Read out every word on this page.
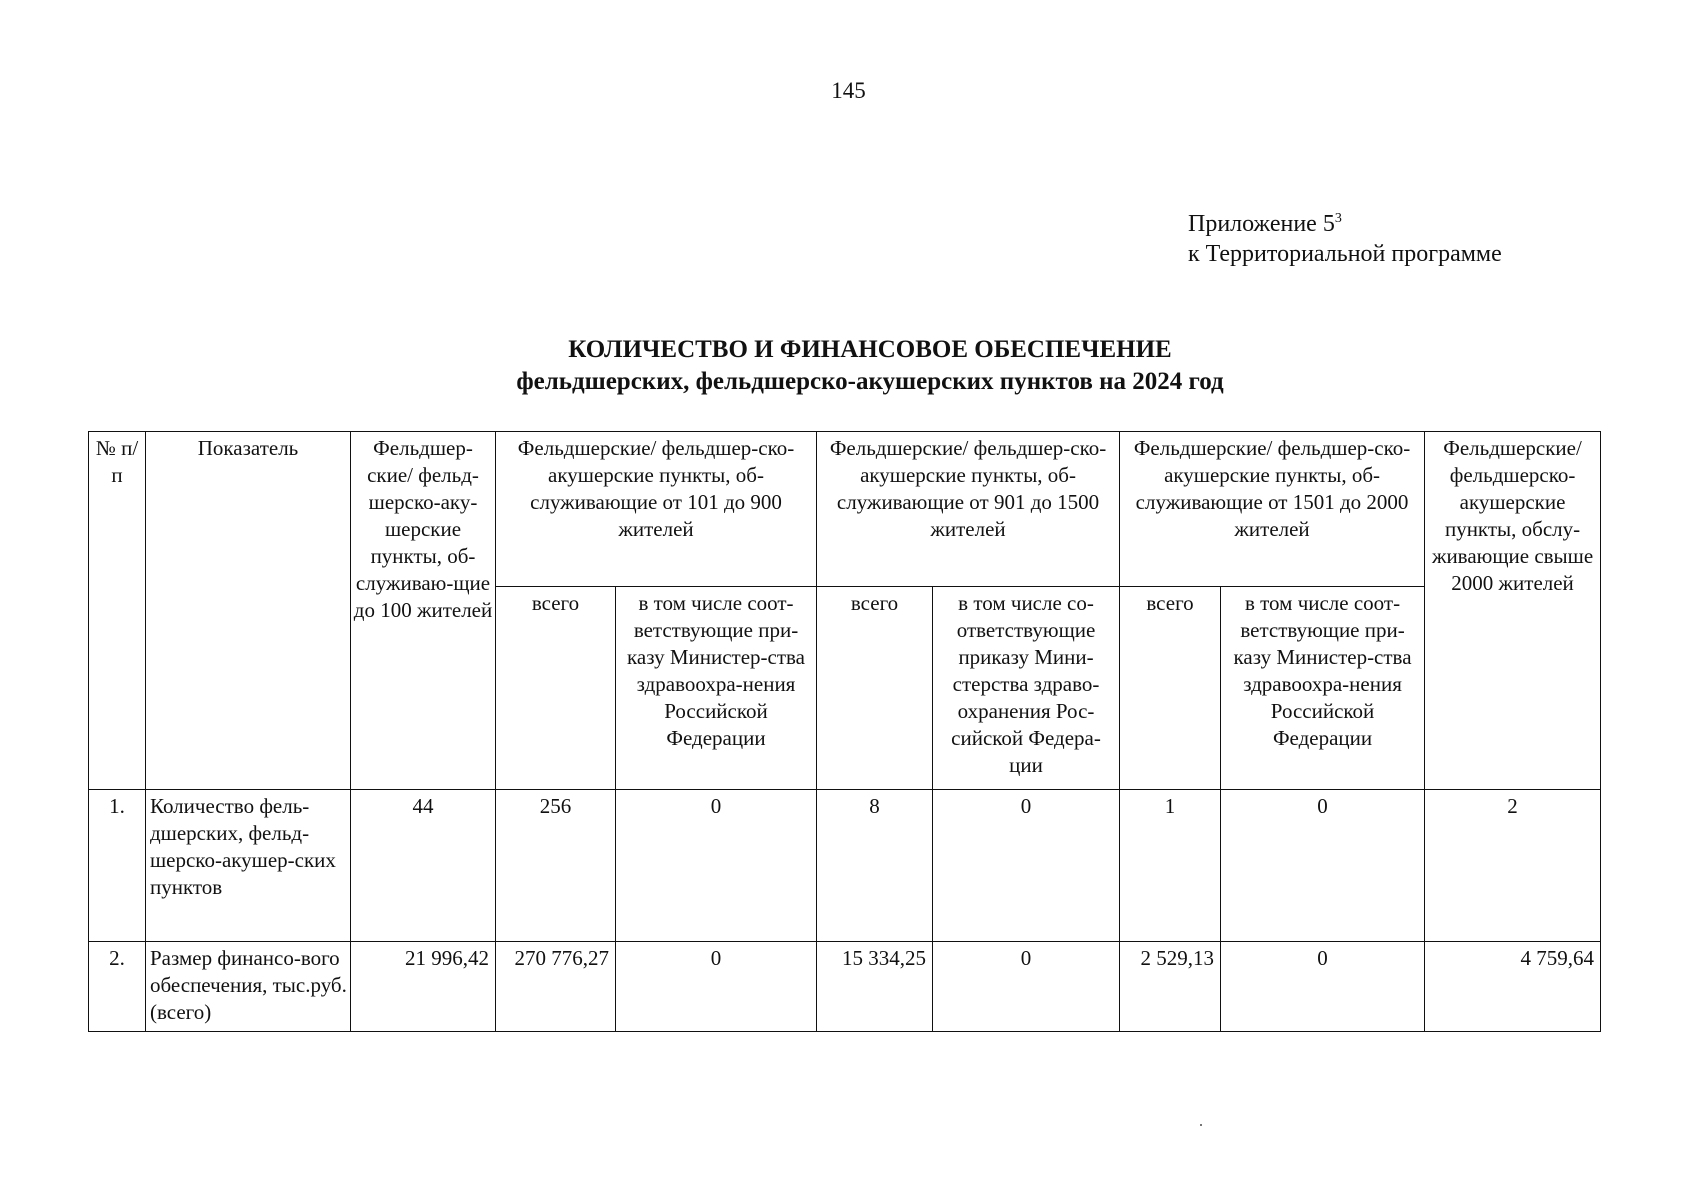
145
Приложение $5^3$
к Территориальной программе
КОЛИЧЕСТВО И ФИНАНСОВОЕ ОБЕСПЕЧЕНИЕ
фельдшерских, фельдшерско-акушерских пунктов на 2024 год
№ п/п	Показатель	Фельдшер-ские/ фельд-шерско-аку-шерские пункты, об-служиваю-щие до 100 жителей	Фельдшерские/ фельдшер-ско-акушерские пункты, об-служивающие от 101 до 900 жителей		Фельдшерские/ фельдшер-ско-акушерские пункты, об-служивающие от 901 до 1500 жителей		Фельдшерские/ фельдшер-ско-акушерские пункты, об-служивающие от 1501 до 2000 жителей		Фельдшерские/ фельдшерско-акушерские пункты, обслу-живающие свыше 2000 жителей
			всего	в том числе соот-ветствующие при-казу Министер-ства здравоохра-нения Российской Федерации	всего	в том числе со-ответствующие приказу Мини-стерства здраво-охранения Рос-сийской Федера-ции	всего	в том числе соот-ветствующие при-казу Министер-ства здравоохра-нения Российской Федерации	
1.	Количество фель-дшерских, фельд-шерско-акушер-ских пунктов	44	256	0	8	0	1	0	2
2.	Размер финансо-вого обеспечения, тыс.руб. (всего)	21 996,42	270 776,27	0	15 334,25	0	2 529,13	0	4 759,64
